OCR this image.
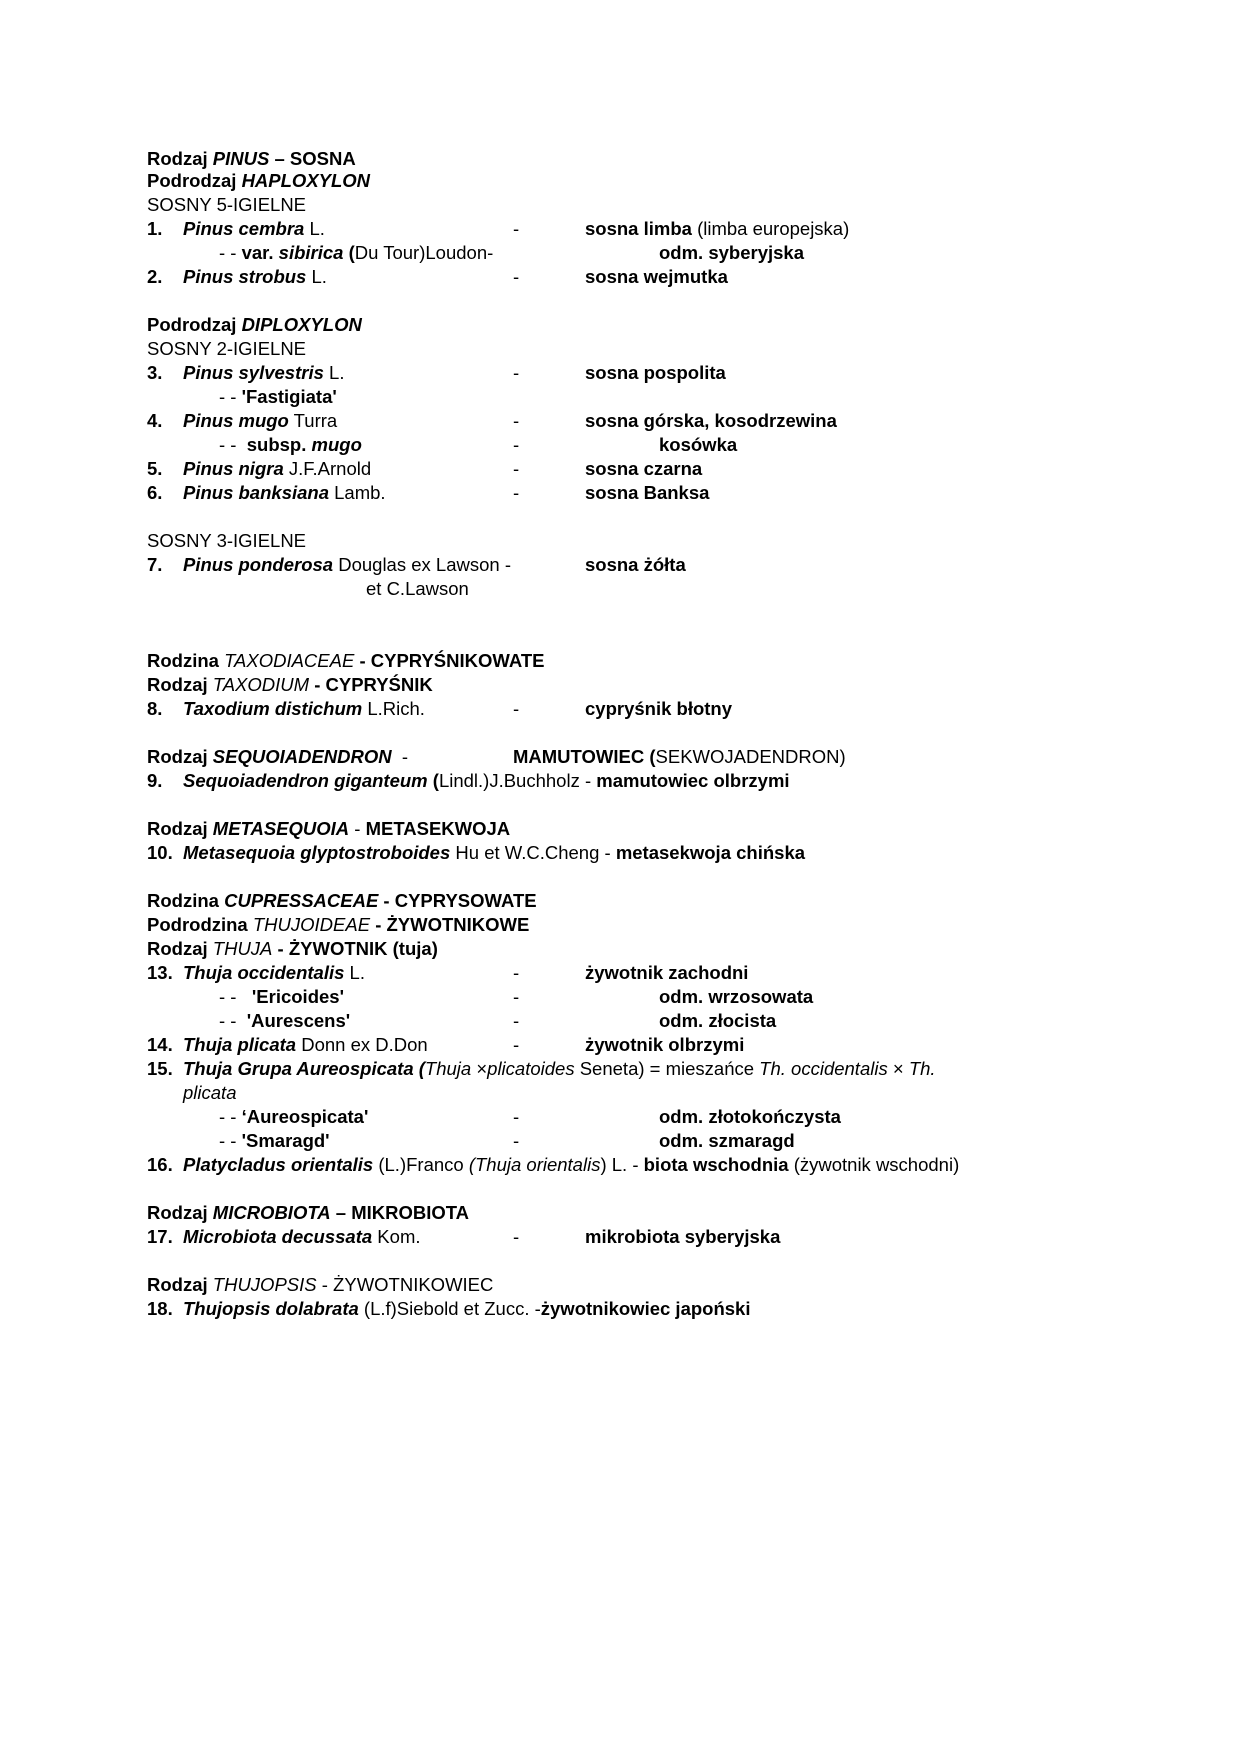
Rodzaj PINUS – SOSNA
Podrodzaj HAPLOXYLON
SOSNY 5-IGIELNE
1. Pinus cembra L.	-	sosna limba (limba europejska)
- - var. sibirica (Du Tour)Loudon-	odm. syberyjska
2. Pinus strobus L.	-	sosna wejmutka
Podrodzaj DIPLOXYLON
SOSNY 2-IGIELNE
3. Pinus sylvestris L.	-	sosna pospolita
- - 'Fastigiata'
4. Pinus mugo Turra	-	sosna górska, kosodrzewina
- -  subsp. mugo	-	kosówka
5. Pinus nigra J.F.Arnold	-	sosna czarna
6. Pinus banksiana Lamb.	-	sosna Banksa
SOSNY 3-IGIELNE
7. Pinus ponderosa Douglas ex Lawson -	sosna żółta
et C.Lawson
Rodzina TAXODIACEAE - CYPRYŚNIKOWATE
Rodzaj TAXODIUM - CYPRYŚNIK
8. Taxodium distichum L.Rich.	-	cypryśnik błotny
Rodzaj SEQUOIADENDRON  -	MAMUTOWIEC (SEKWOJADENDRON)
9. Sequoiadendron giganteum (Lindl.)J.Buchholz - mamutowiec olbrzymi
Rodzaj METASEQUOIA - METASEKWOJA
10. Metasequoia glyptostroboides Hu et W.C.Cheng - metasekwoja chińska
Rodzina CUPRESSACEAE - CYPRYSOWATE
Podrodzina THUJOIDEAE - ŻYWOTNIKOWE
Rodzaj THUJA - ŻYWOTNIK (tuja)
13. Thuja occidentalis L.	-	żywotnik zachodni
- -   'Ericoides'	-	odm. wrzosowata
- -  'Aurescens'	-	odm. złocista
14. Thuja plicata Donn ex D.Don	-	żywotnik olbrzymi
15. Thuja Grupa Aureospicata (Thuja ×plicatoides Seneta) = mieszańce Th. occidentalis × Th.
plicata
- - ‘Aureospicata'	-	odm. złotokończysta
- - 'Smaragd'	-	odm. szmaragd
16. Platycladus orientalis (L.)Franco (Thuja orientalis) L. - biota wschodnia (żywotnik wschodni)
Rodzaj MICROBIOTA – MIKROBIOTA
17. Microbiota decussata Kom.	-	mikrobiota syberyjska
Rodzaj THUJOPSIS - ŻYWOTNIKOWIEC
18. Thujopsis dolabrata (L.f)Siebold et Zucc. -żywotnikowiec japoński
